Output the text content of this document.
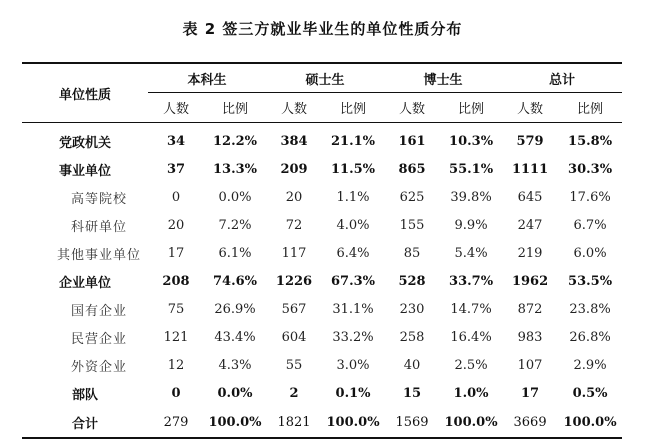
表 2 签三方就业毕业生的单位性质分布
单位性质	本科生		硕士生		博士生		总计	
	人数	比例	人数	比例	人数	比例	人数	比例
党政机关	34	12.2%	384	21.1%	161	10.3%	579	15.8%
事业单位	37	13.3%	209	11.5%	865	55.1%	1111	30.3%
高等院校	0	0.0%	20	1.1%	625	39.8%	645	17.6%
科研单位	20	7.2%	72	4.0%	155	9.9%	247	6.7%
其他事业单位	17	6.1%	117	6.4%	85	5.4%	219	6.0%
企业单位	208	74.6%	1226	67.3%	528	33.7%	1962	53.5%
国有企业	75	26.9%	567	31.1%	230	14.7%	872	23.8%
民营企业	121	43.4%	604	33.2%	258	16.4%	983	26.8%
外资企业	12	4.3%	55	3.0%	40	2.5%	107	2.9%
部队	0	0.0%	2	0.1%	15	1.0%	17	0.5%
合计	279	100.0%	1821	100.0%	1569	100.0%	3669	100.0%
